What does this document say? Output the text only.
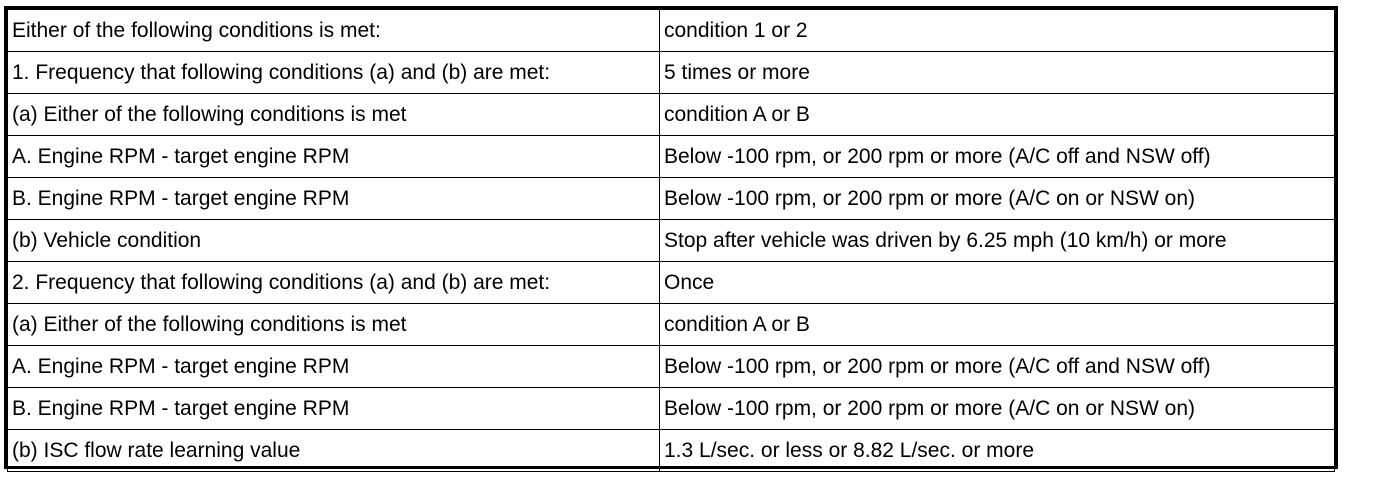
Either of the following conditions is met:	condition 1 or 2
1. Frequency that following conditions (a) and (b) are met:	5 times or more
(a) Either of the following conditions is met	condition A or B
A. Engine RPM - target engine RPM	Below -100 rpm, or 200 rpm or more (A/C off and NSW off)
B. Engine RPM - target engine RPM	Below -100 rpm, or 200 rpm or more (A/C on or NSW on)
(b) Vehicle condition	Stop after vehicle was driven by 6.25 mph (10 km/h) or more
2. Frequency that following conditions (a) and (b) are met:	Once
(a) Either of the following conditions is met	condition A or B
A. Engine RPM - target engine RPM	Below -100 rpm, or 200 rpm or more (A/C off and NSW off)
B. Engine RPM - target engine RPM	Below -100 rpm, or 200 rpm or more (A/C on or NSW on)
(b) ISC flow rate learning value	1.3 L/sec. or less or 8.82 L/sec. or more
